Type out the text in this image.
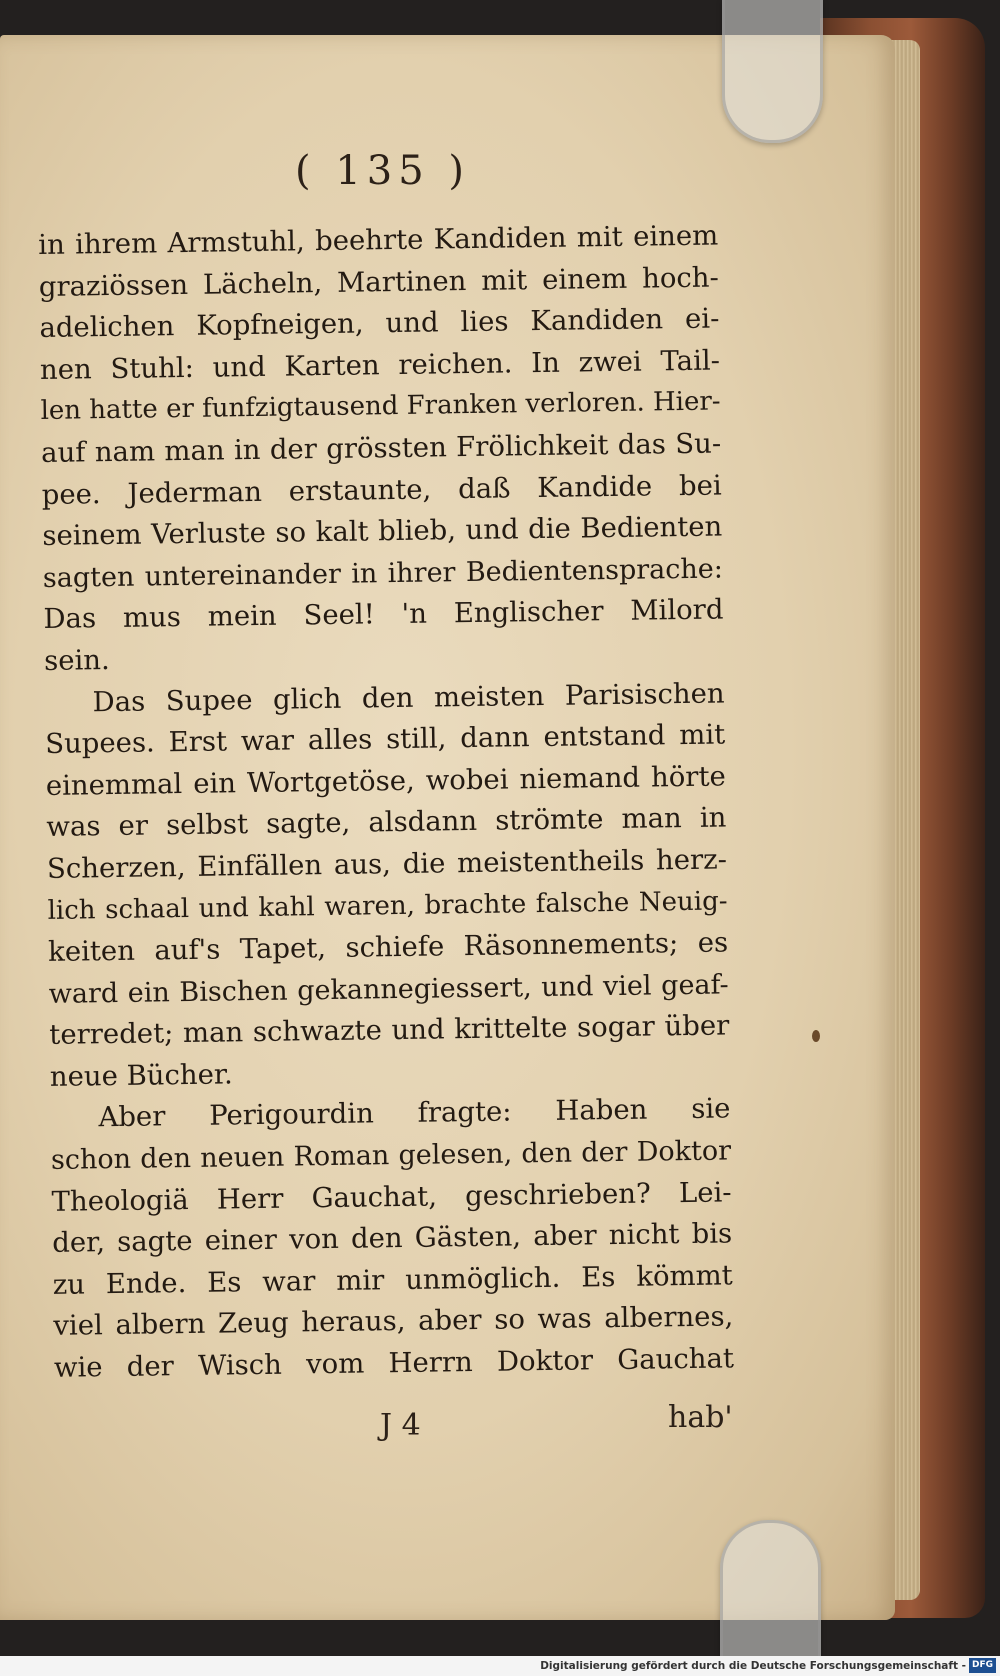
( 135 )
in ihrem Armstuhl, beehrte Kandiden mit einem
graziössen Lächeln, Martinen mit einem hoch-
adelichen Kopfneigen, und lies Kandiden ei-
nen Stuhl: und Karten reichen. In zwei Tail-
len hatte er funfzigtausend Franken verloren. Hier-
auf nam man in der grössten Frölichkeit das Su-
pee. Jederman erstaunte, daß Kandide bei
seinem Verluste so kalt blieb, und die Bedienten
sagten untereinander in ihrer Bedientensprache:
Das mus mein Seel! 'n Englischer Milord
sein.
Das Supee glich den meisten Parisischen
Supees. Erst war alles still, dann entstand mit
einemmal ein Wortgetöse, wobei niemand hörte
was er selbst sagte, alsdann strömte man in
Scherzen, Einfällen aus, die meistentheils herz-
lich schaal und kahl waren, brachte falsche Neuig-
keiten auf's Tapet, schiefe Räsonnements; es
ward ein Bischen gekannegiessert, und viel geaf-
terredet; man schwazte und krittelte sogar über
neue Bücher.
Aber Perigourdin fragte: Haben sie
schon den neuen Roman gelesen, den der Doktor
Theologiä Herr Gauchat, geschrieben? Lei-
der, sagte einer von den Gästen, aber nicht bis
zu Ende. Es war mir unmöglich. Es kömmt
viel albern Zeug heraus, aber so was albernes,
wie der Wisch vom Herrn Doktor Gauchat
J 4	hab'
Digitalisierung gefördert durch die Deutsche Forschungsgemeinschaft - DFG
